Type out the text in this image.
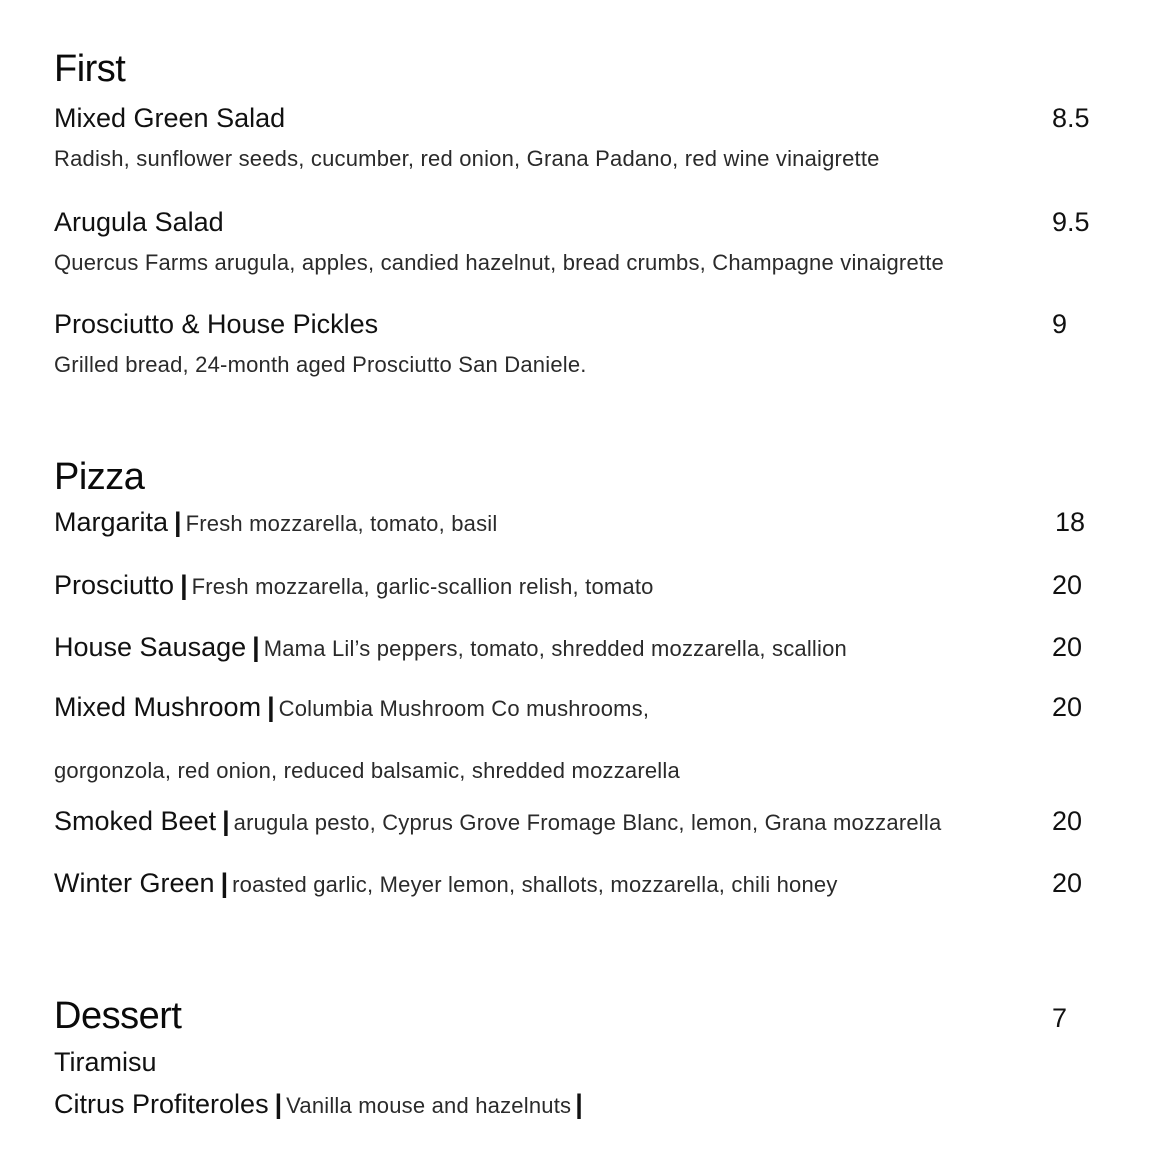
First
Mixed Green Salad	8.5
Radish, sunflower seeds, cucumber, red onion, Grana Padano, red wine vinaigrette
Arugula Salad	9.5
Quercus Farms arugula, apples, candied hazelnut, bread crumbs, Champagne vinaigrette
Prosciutto & House Pickles	9
Grilled bread, 24-month aged Prosciutto San Daniele.
Pizza
Margarita | Fresh mozzarella, tomato, basil	18
Prosciutto | Fresh mozzarella, garlic-scallion relish, tomato	20
House Sausage | Mama Lil’s peppers, tomato, shredded mozzarella, scallion	20
Mixed Mushroom | Columbia Mushroom Co mushrooms,	20
gorgonzola, red onion, reduced balsamic, shredded mozzarella
Smoked Beet | arugula pesto, Cyprus Grove Fromage Blanc, lemon, Grana mozzarella	20
Winter Green | roasted garlic, Meyer lemon, shallots, mozzarella, chili honey	20
Dessert	7
Tiramisu
Citrus Profiteroles | Vanilla mouse and hazelnuts |
